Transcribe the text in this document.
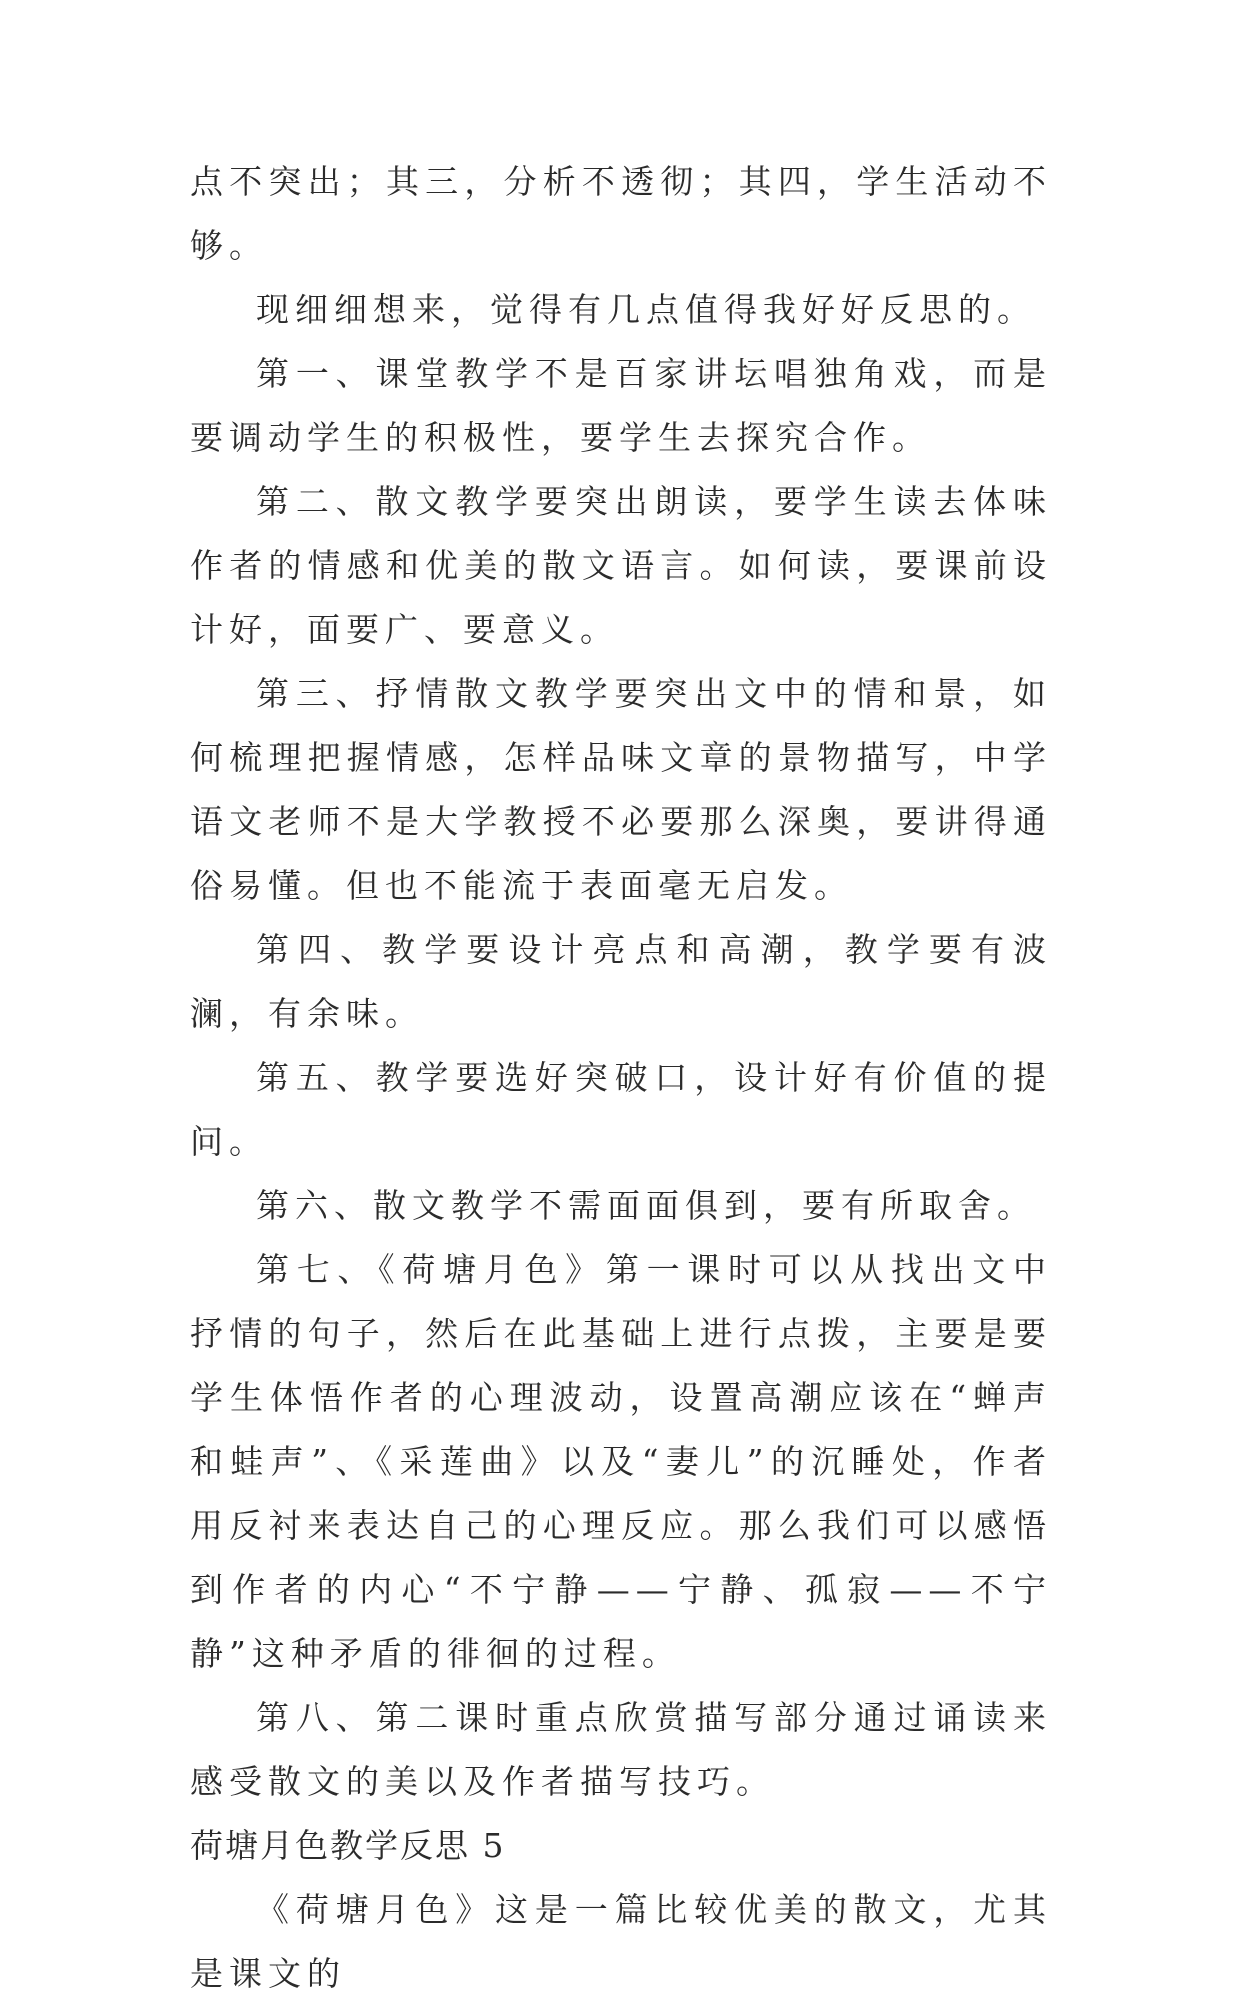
点不突出；其三，分析不透彻；其四，学生活动不够。

现细细想来，觉得有几点值得我好好反思的。

第一、课堂教学不是百家讲坛唱独角戏，而是要调动学生的积极性，要学生去探究合作。

第二、散文教学要突出朗读，要学生读去体味作者的情感和优美的散文语言。如何读，要课前设计好，面要广、要意义。

第三、抒情散文教学要突出文中的情和景，如何梳理把握情感，怎样品味文章的景物描写，中学语文老师不是大学教授不必要那么深奥，要讲得通俗易懂。但也不能流于表面毫无启发。

第四、教学要设计亮点和高潮，教学要有波澜，有余味。

第五、教学要选好突破口，设计好有价值的提问。

第六、散文教学不需面面俱到，要有所取舍。

第七、《荷塘月色》第一课时可以从找出文中抒情的句子，然后在此基础上进行点拨，主要是要学生体悟作者的心理波动，设置高潮应该在“蝉声和蛙声”、《采莲曲》以及“妻儿”的沉睡处，作者用反衬来表达自己的心理反应。那么我们可以感悟到作者的内心“不宁静——宁静、孤寂——不宁静”这种矛盾的徘徊的过程。

第八、第二课时重点欣赏描写部分通过诵读来感受散文的美以及作者描写技巧。

荷塘月色教学反思 5

《荷塘月色》这是一篇比较优美的散文，尤其是课文的
